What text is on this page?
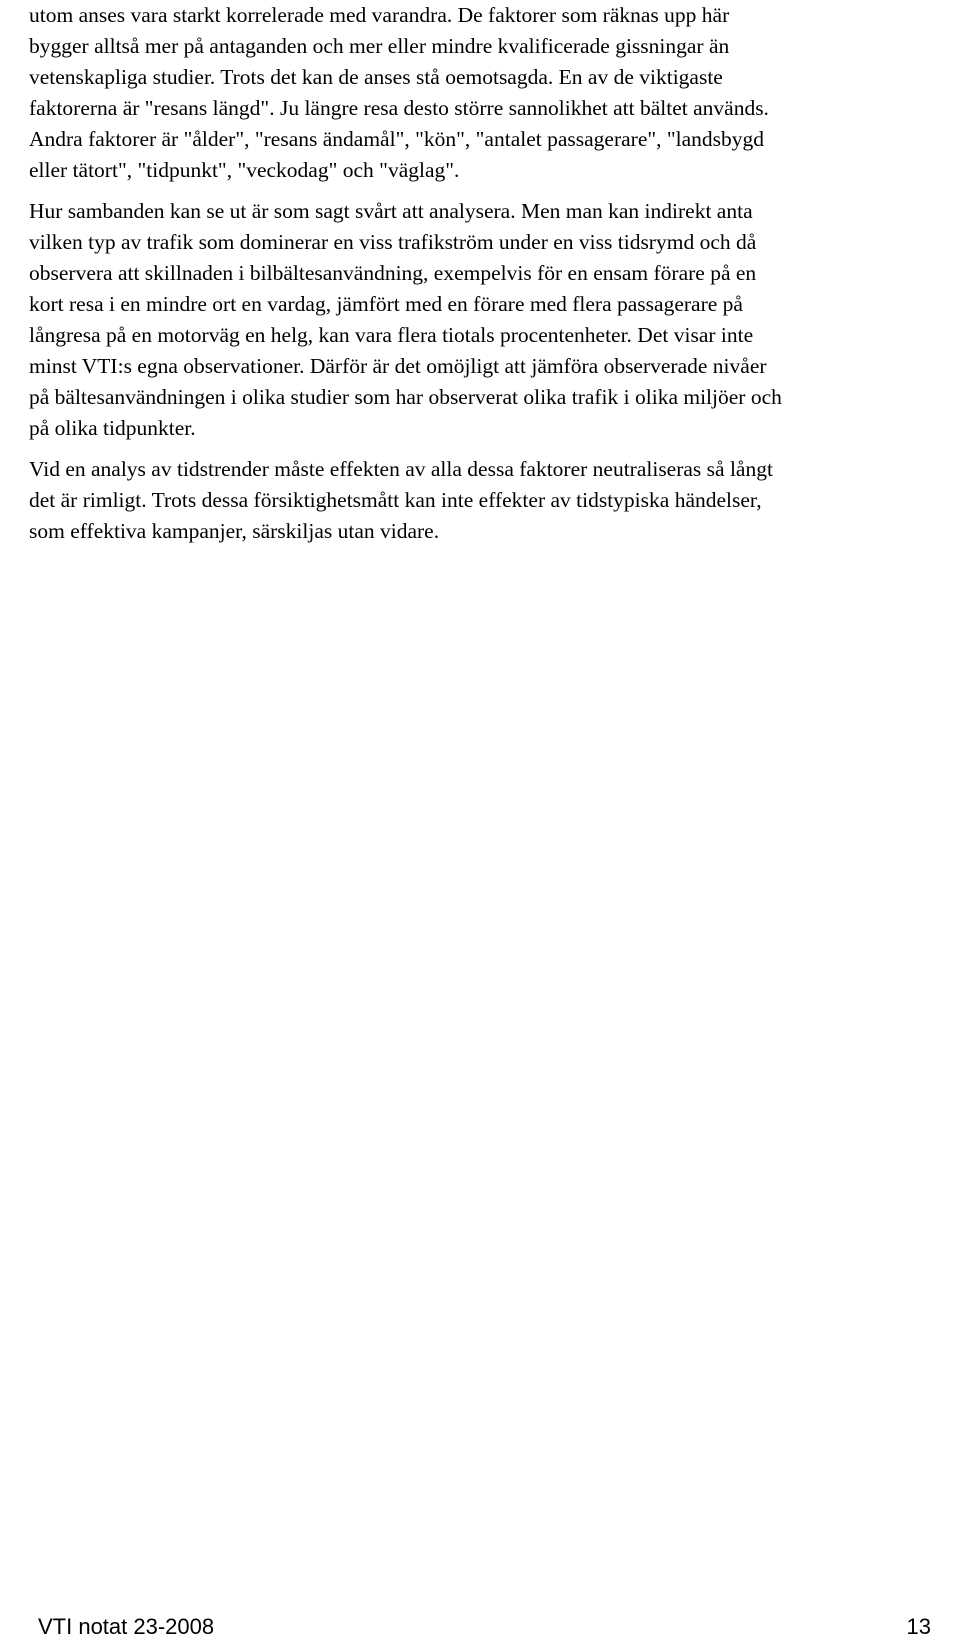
utom anses vara starkt korrelerade med varandra. De faktorer som räknas upp här
bygger alltså mer på antaganden och mer eller mindre kvalificerade gissningar än
vetenskapliga studier. Trots det kan de anses stå oemotsagda. En av de viktigaste
faktorerna är "resans längd". Ju längre resa desto större sannolikhet att bältet används.
Andra faktorer är "ålder", "resans ändamål", "kön", "antalet passagerare", "landsbygd
eller tätort", "tidpunkt", "veckodag" och "väglag".
Hur sambanden kan se ut är som sagt svårt att analysera. Men man kan indirekt anta
vilken typ av trafik som dominerar en viss trafikström under en viss tidsrymd och då
observera att skillnaden i bilbältesanvändning, exempelvis för en ensam förare på en
kort resa i en mindre ort en vardag, jämfört med en förare med flera passagerare på
långresa på en motorväg en helg, kan vara flera tiotals procentenheter. Det visar inte
minst VTI:s egna observationer. Därför är det omöjligt att jämföra observerade nivåer
på bältesanvändningen i olika studier som har observerat olika trafik i olika miljöer och
på olika tidpunkter.
Vid en analys av tidstrender måste effekten av alla dessa faktorer neutraliseras så långt
det är rimligt. Trots dessa försiktighetsmått kan inte effekter av tidstypiska händelser,
som effektiva kampanjer, särskiljas utan vidare.
VTI notat 23-2008	13
